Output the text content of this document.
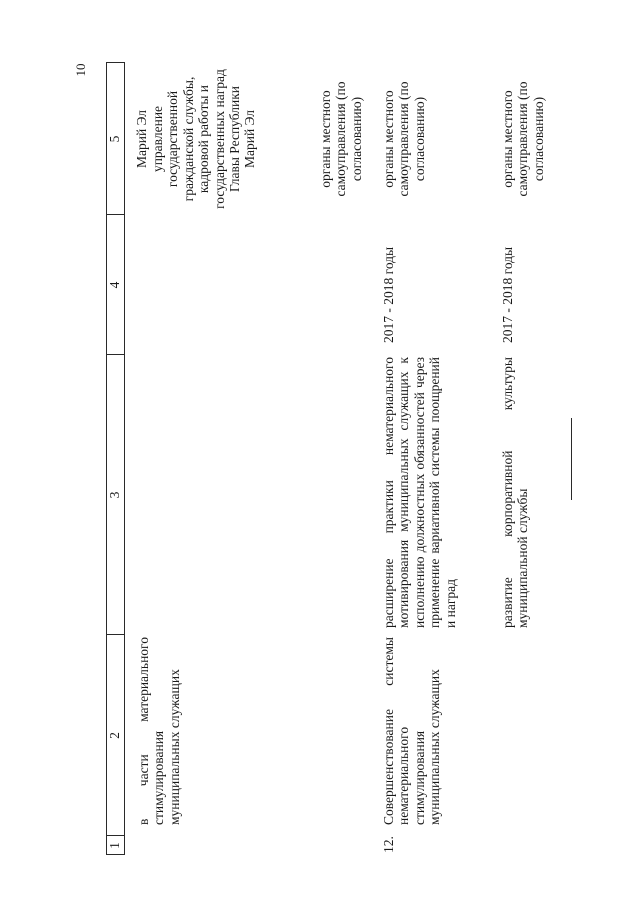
10
1
2
3
4
5
в части материального стимулирования муниципальных служащих
Марий Эл управление государственной гражданской службы, кадровой работы и государственных наград Главы Республики Марий Эл	органы местного самоуправления (по согласованию)
12.
Совершенствование системы нематериального стимулирования муниципальных служащих
расширение практики нематериального мотивирования муниципальных служащих к исполнению должностных обязанностей через применение вариативной системы поощрений и наград
2017 - 2018 годы
органы местного самоуправления (по согласованию)
развитие корпоративной культуры муниципальной службы
2017 - 2018 годы
органы местного самоуправления (по согласованию)
